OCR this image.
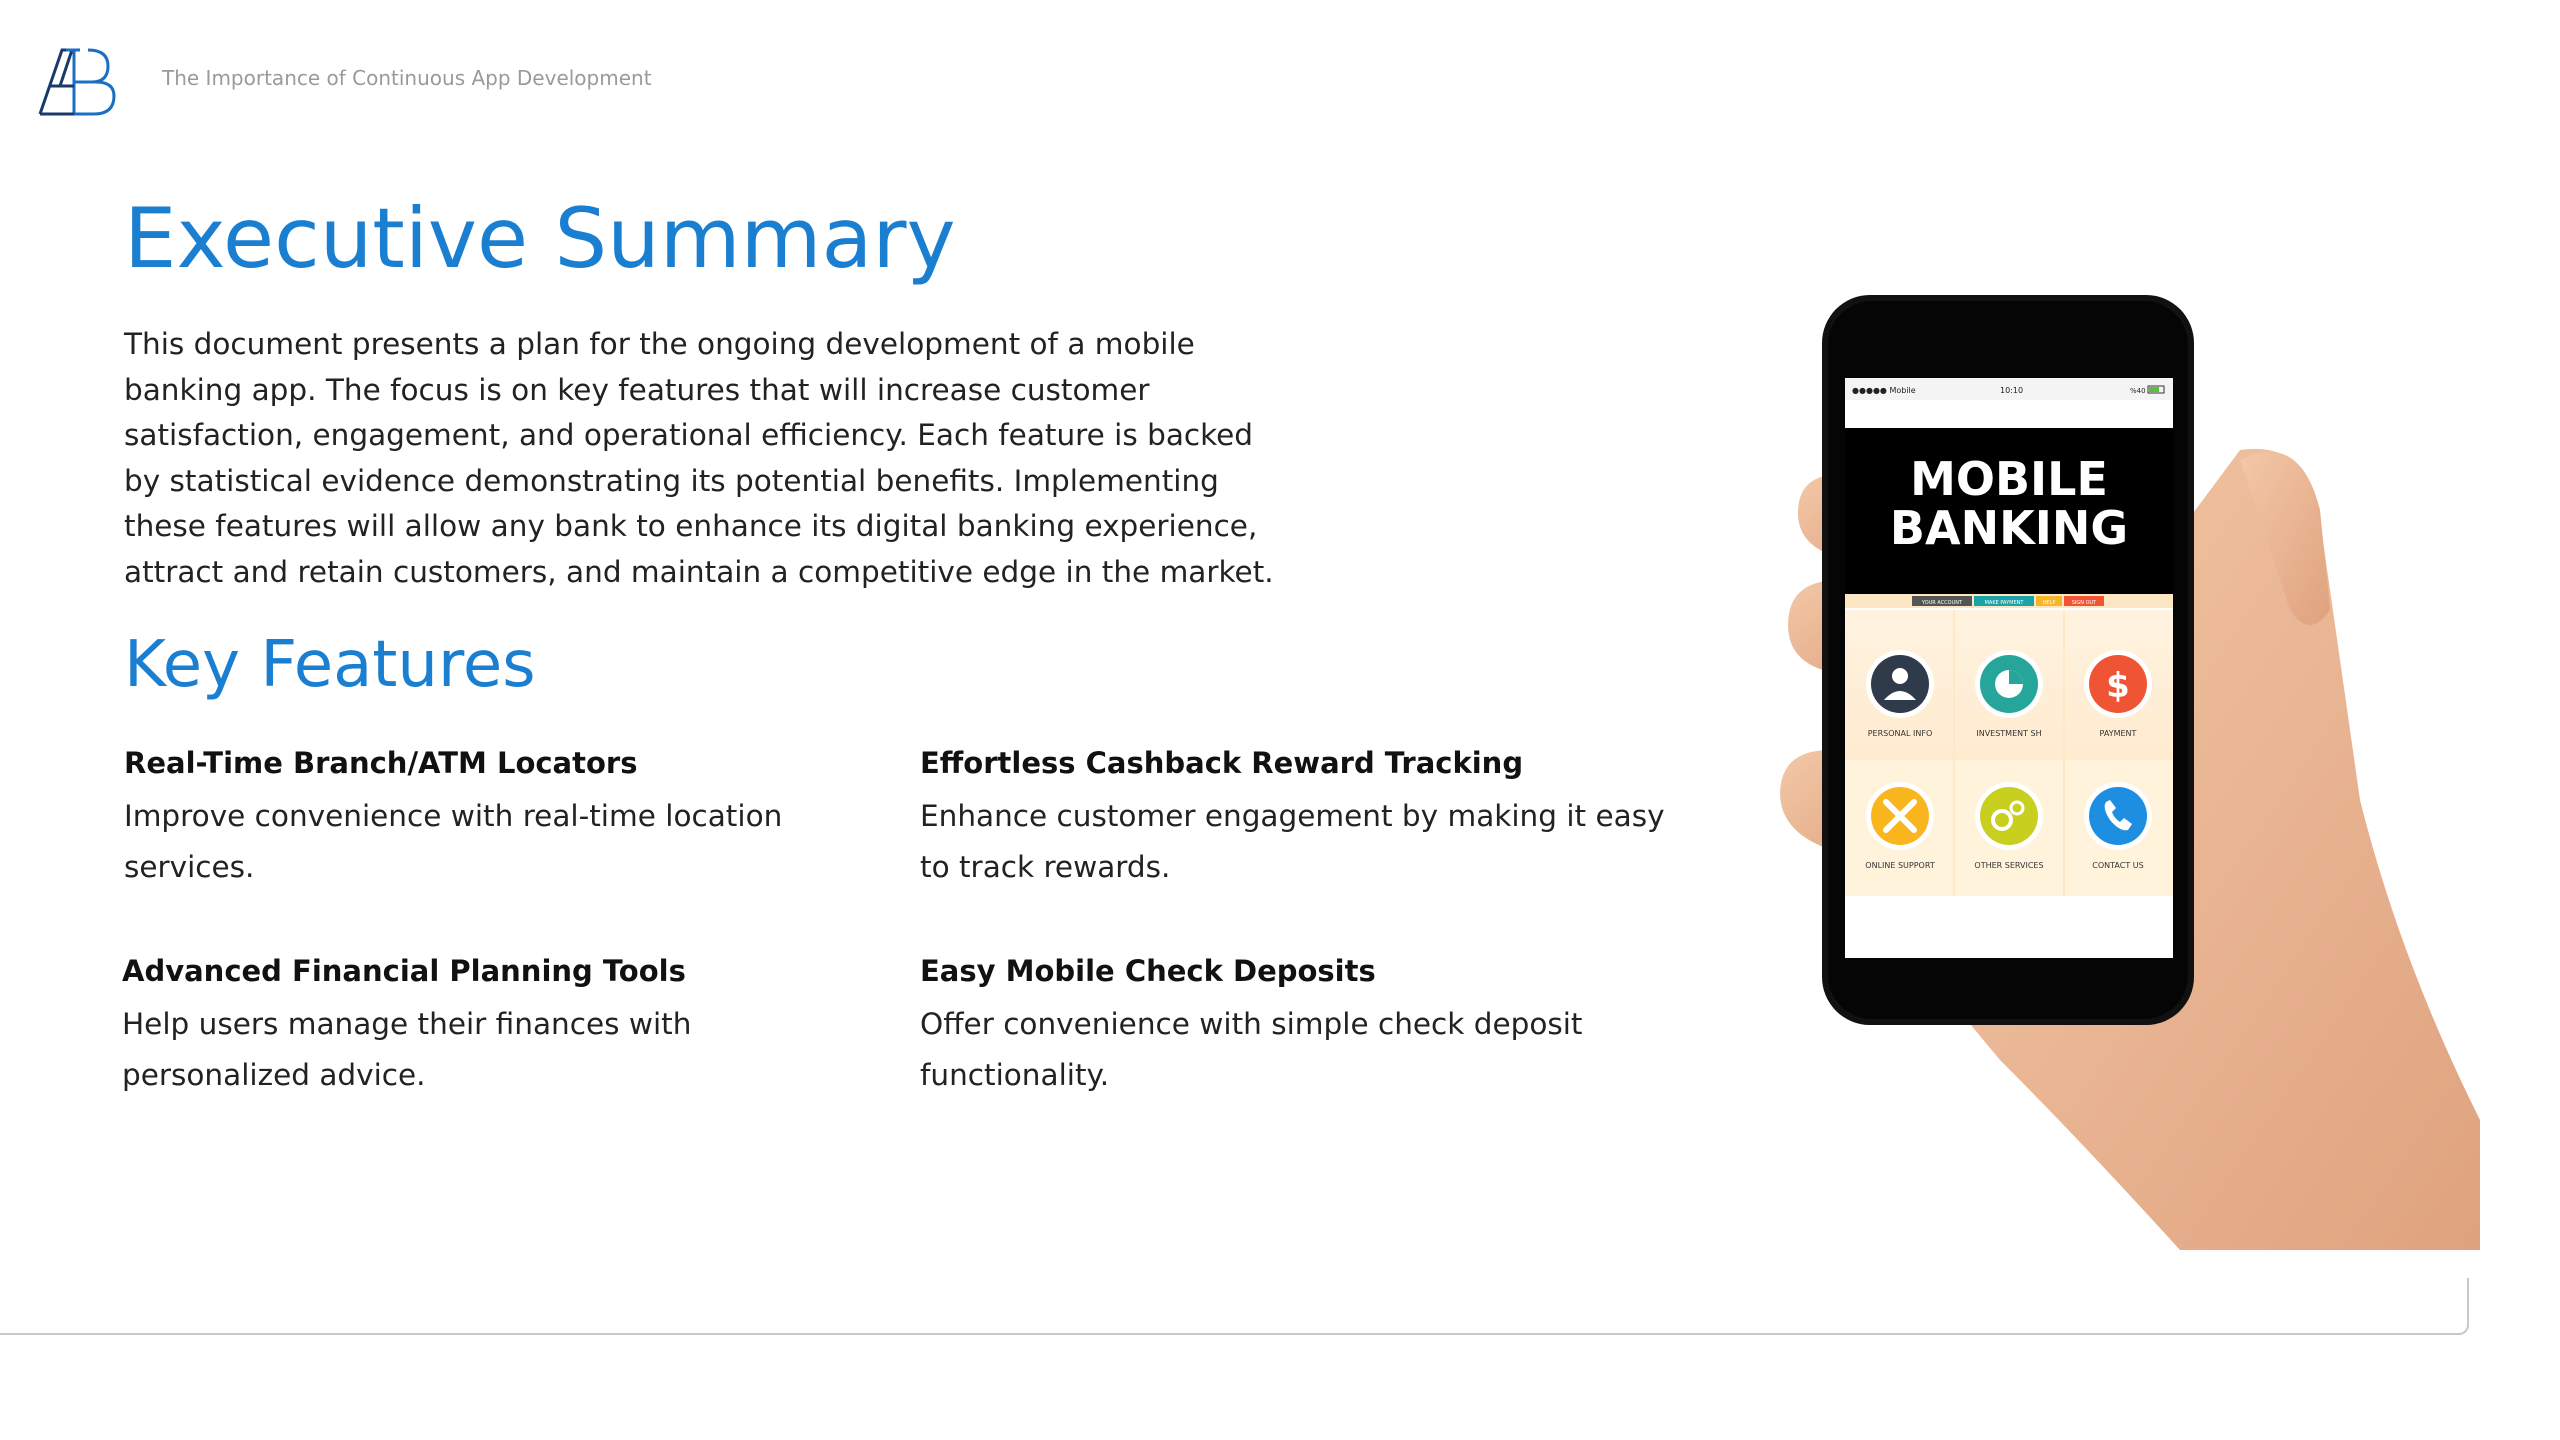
AB
The Importance of Continuous App Development
Executive Summary

This document presents a plan for the ongoing development of a mobile banking app. The focus is on key features that will increase customer satisfaction, engagement, and operational efficiency. Each feature is backed by statistical evidence demonstrating its potential benefits. Implementing these features will allow any bank to enhance its digital banking experience, attract and retain customers, and maintain a competitive edge in the market.

Key Features

Real-Time Branch/ATM Locators

Improve convenience with real-time location services.

Effortless Cashback Reward Tracking

Enhance customer engagement by making it easy to track rewards.

Advanced Financial Planning Tools

Help users manage their finances with personalized advice.

Easy Mobile Check Deposits

Offer convenience with simple check deposit functionality.

●●●●● Mobile	10:10	%40
MOBILE
BANKING
YOUR ACCOUNT	MAKE PAYMENT	HELP	SIGN OUT
PERSONAL INFO	INVESTMENT SH
$
PAYMENT
ONLINE SUPPORT	OTHER SERVICES	CONTACT US
